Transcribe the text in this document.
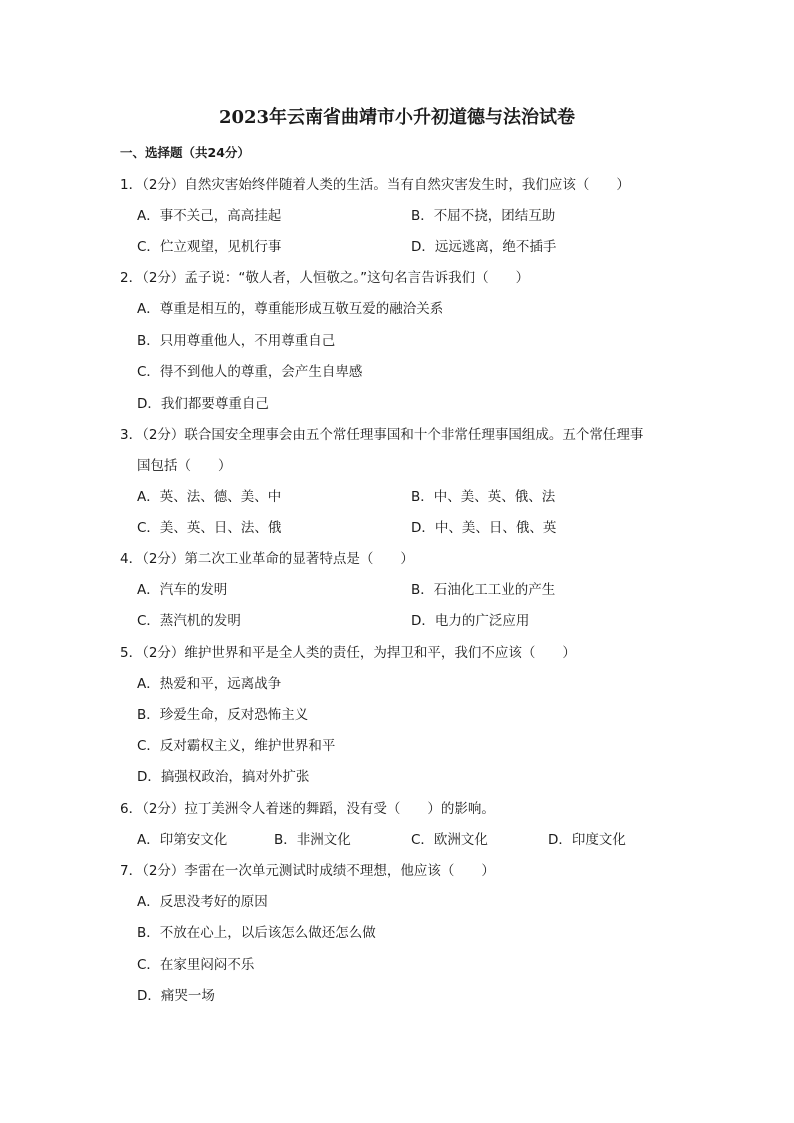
2023年云南省曲靖市小升初道德与法治试卷
一、选择题（共24分）
1．（2分）自然灾害始终伴随着人类的生活。当有自然灾害发生时，我们应该（　　）
A．事不关己，高高挂起	B．不屈不挠，团结互助
C．伫立观望，见机行事	D．远远逃离，绝不插手
2．（2分）孟子说：“敬人者，人恒敬之。”这句名言告诉我们（　　）
A．尊重是相互的，尊重能形成互敬互爱的融洽关系
B．只用尊重他人，不用尊重自己
C．得不到他人的尊重，会产生自卑感
D．我们都要尊重自己
3．（2分）联合国安全理事会由五个常任理事国和十个非常任理事国组成。五个常任理事
国包括（　　）
A．英、法、德、美、中	B．中、美、英、俄、法
C．美、英、日、法、俄	D．中、美、日、俄、英
4．（2分）第二次工业革命的显著特点是（　　）
A．汽车的发明	B．石油化工工业的产生
C．蒸汽机的发明	D．电力的广泛应用
5．（2分）维护世界和平是全人类的责任，为捍卫和平，我们不应该（　　）
A．热爱和平，远离战争
B．珍爱生命，反对恐怖主义
C．反对霸权主义，维护世界和平
D．搞强权政治，搞对外扩张
6．（2分）拉丁美洲令人着迷的舞蹈，没有受（　　）的影响。
A．印第安文化	B．非洲文化	C．欧洲文化	D．印度文化
7．（2分）李雷在一次单元测试时成绩不理想，他应该（　　）
A．反思没考好的原因
B．不放在心上，以后该怎么做还怎么做
C．在家里闷闷不乐
D．痛哭一场
